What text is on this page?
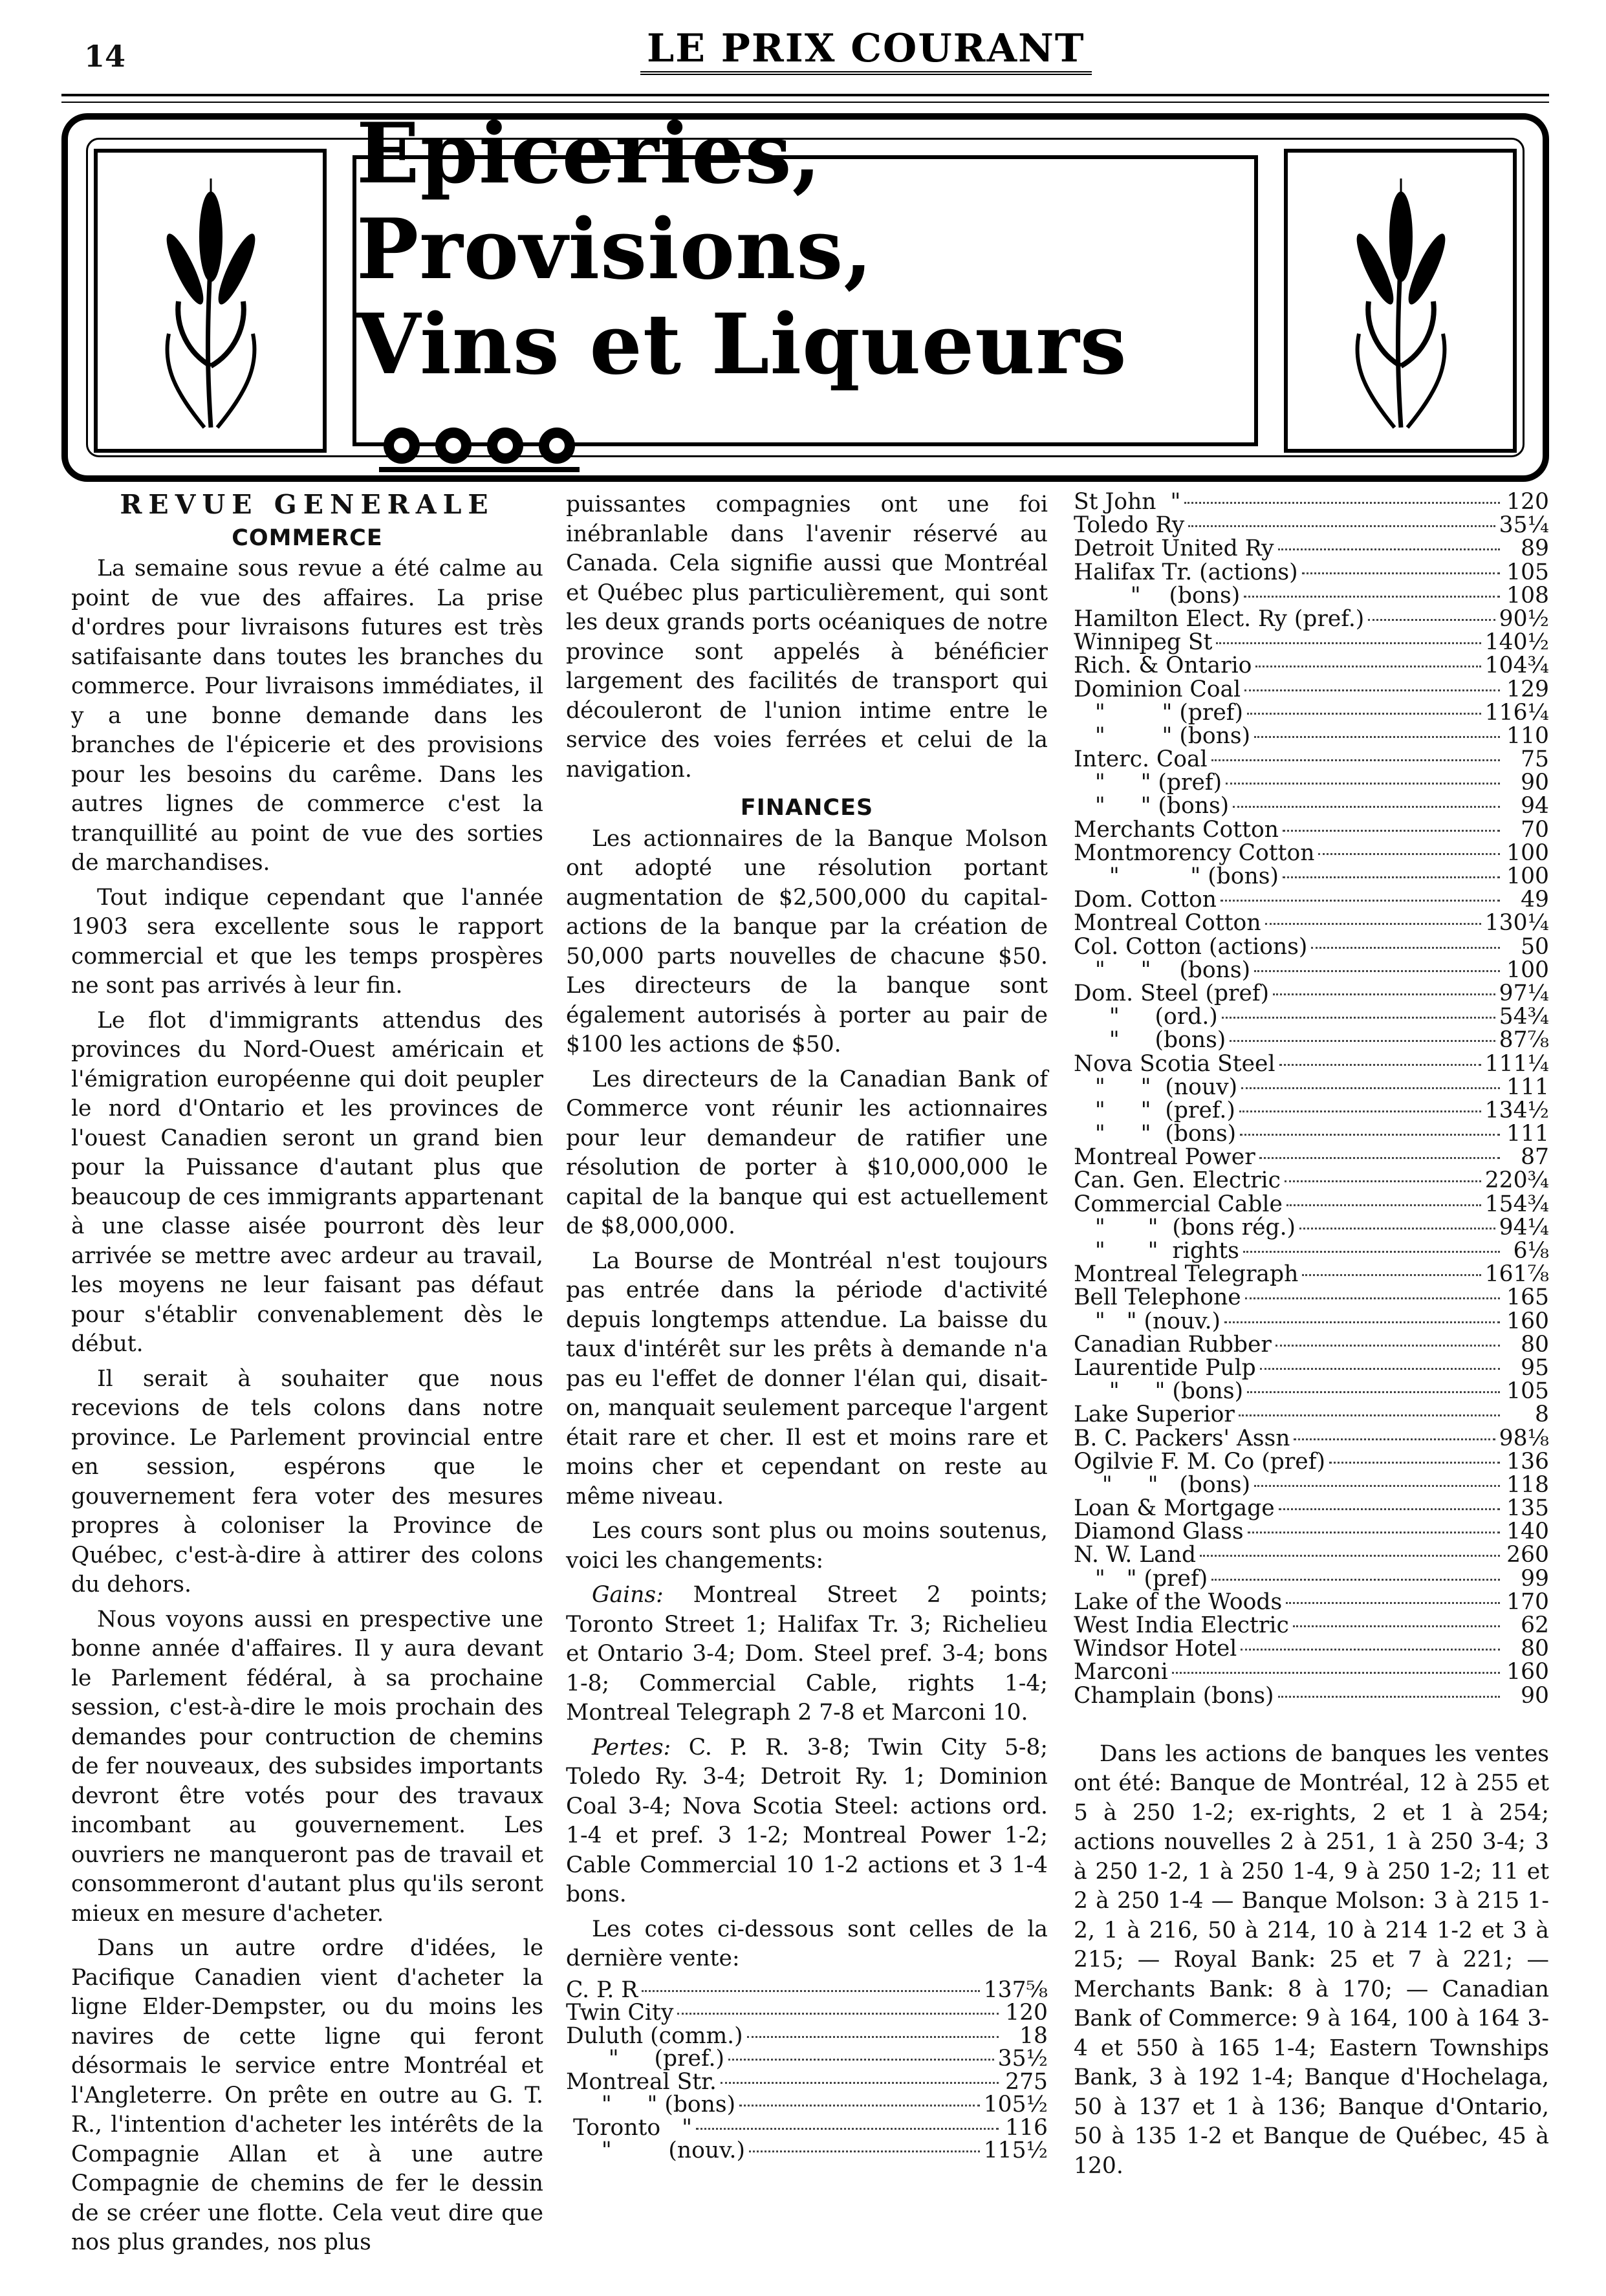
14	LE PRIX COURANT
Epiceries, Provisions,
Vins et Liqueurs
REVUE GENERALE
COMMERCE

La semaine sous revue a été calme au point de vue des affaires. La prise d'ordres pour livraisons futures est très satifaisante dans toutes les branches du commerce. Pour livraisons immédiates, il y a une bonne demande dans les branches de l'épicerie et des provisions pour les besoins du carême. Dans les autres lignes de commerce c'est la tranquillité au point de vue des sorties de marchandises.

Tout indique cependant que l'année 1903 sera excellente sous le rapport commercial et que les temps prospères ne sont pas arrivés à leur fin.

Le flot d'immigrants attendus des provinces du Nord-Ouest américain et l'émigration européenne qui doit peupler le nord d'Ontario et les provinces de l'ouest Canadien seront un grand bien pour la Puissance d'autant plus que beaucoup de ces immigrants appartenant à une classe aisée pourront dès leur arrivée se mettre avec ardeur au travail, les moyens ne leur faisant pas défaut pour s'établir convenablement dès le début.

Il serait à souhaiter que nous recevions de tels colons dans notre province. Le Parlement provincial entre en session, espérons que le gouvernement fera voter des mesures propres à coloniser la Province de Québec, c'est-à-dire à attirer des colons du dehors.

Nous voyons aussi en prespective une bonne année d'affaires. Il y aura devant le Parlement fédéral, à sa prochaine session, c'est-à-dire le mois prochain des demandes pour contruction de chemins de fer nouveaux, des subsides importants devront être votés pour des travaux incombant au gouvernement. Les ouvriers ne manqueront pas de travail et consommeront d'autant plus qu'ils seront mieux en mesure d'acheter.

Dans un autre ordre d'idées, le Pacifique Canadien vient d'acheter la ligne Elder-Dempster, ou du moins les navires de cette ligne qui feront désormais le service entre Montréal et l'Angleterre. On prête en outre au G. T. R., l'intention d'acheter les intérêts de la Compagnie Allan et à une autre Compagnie de chemins de fer le dessin de se créer une flotte. Cela veut dire que nos plus grandes, nos plus

puissantes compagnies ont une foi inébranlable dans l'avenir réservé au Canada. Cela signifie aussi que Montréal et Québec plus particulièrement, qui sont les deux grands ports océaniques de notre province sont appelés à bénéficier largement des facilités de transport qui découleront de l'union intime entre le service des voies ferrées et celui de la navigation.

FINANCES

Les actionnaires de la Banque Molson ont adopté une résolution portant augmentation de $2,500,000 du capital-actions de la banque par la création de 50,000 parts nouvelles de chacune $50. Les directeurs de la banque sont également autorisés à porter au pair de $100 les actions de $50.

Les directeurs de la Canadian Bank of Commerce vont réunir les actionnaires pour leur demandeur de ratifier une résolution de porter à $10,000,000 le capital de la banque qui est actuellement de $8,000,000.

La Bourse de Montréal n'est toujours pas entrée dans la période d'activité depuis longtemps attendue. La baisse du taux d'intérêt sur les prêts à demande n'a pas eu l'effet de donner l'élan qui, disait-on, manquait seulement parceque l'argent était rare et cher. Il est et moins rare et moins cher et cependant on reste au même niveau.

Les cours sont plus ou moins soutenus, voici les changements:

Gains: Montreal Street 2 points; Toronto Street 1; Halifax Tr. 3; Richelieu et Ontario 3-4; Dom. Steel pref. 3-4; bons 1-8; Commercial Cable, rights 1-4; Montreal Telegraph 2 7-8 et Marconi 10.

Pertes: C. P. R. 3-8; Twin City 5-8; Toledo Ry. 3-4; Detroit Ry. 1; Dominion Coal 3-4; Nova Scotia Steel: actions ord. 1-4 et pref. 3 1-2; Montreal Power 1-2; Cable Commercial 10 1-2 actions et 3 1-4 bons.

Les cotes ci-dessous sont celles de la dernière vente:

C. P. R	137⅝
Twin City	120
Duluth (comm.)	18
"     (pref.)	35½
Montreal Str.	275
"     " (bons)	105½
Toronto   "	116
"        (nouv.)	115½
St John  "	120
Toledo Ry	35¼
Detroit United Ry	89
Halifax Tr. (actions)	105
"    (bons)	108
Hamilton Elect. Ry (pref.)	90½
Winnipeg St	140½
Rich. & Ontario	104¾
Dominion Coal	129
"        " (pref)	116¼
"        " (bons)	110
Interc. Coal	75
"     " (pref)	90
"     " (bons)	94
Merchants Cotton	70
Montmorency Cotton	100
"          " (bons)	100
Dom. Cotton	49
Montreal Cotton	130¼
Col. Cotton (actions)	50
"     "    (bons)	100
Dom. Steel (pref)	97¼
"     (ord.)	54¾
"     (bons)	87⅞
Nova Scotia Steel	111¼
"     "  (nouv)	111
"     "  (pref.)	134½
"     "  (bons)	111
Montreal Power	87
Can. Gen. Electric	220¾
Commercial Cable	154¾
"      "  (bons rég.)	94¼
"      "  rights	6⅛
Montreal Telegraph	161⅞
Bell Telephone	165
"   " (nouv.)	160
Canadian Rubber	80
Laurentide Pulp	95
"     " (bons)	105
Lake Superior	8
B. C. Packers' Assn	98⅛
Ogilvie F. M. Co (pref)	136
"     "   (bons)	118
Loan & Mortgage	135
Diamond Glass	140
N. W. Land	260
"   " (pref)	99
Lake of the Woods	170
West India Electric	62
Windsor Hotel	80
Marconi	160
Champlain (bons)	90

Dans les actions de banques les ventes ont été: Banque de Montréal, 12 à 255 et 5 à 250 1-2; ex-rights, 2 et 1 à 254; actions nouvelles 2 à 251, 1 à 250 3-4; 3 à 250 1-2, 1 à 250 1-4, 9 à 250 1-2; 11 et 2 à 250 1-4 — Banque Molson: 3 à 215 1-2, 1 à 216, 50 à 214, 10 à 214 1-2 et 3 à 215; — Royal Bank: 25 et 7 à 221; — Merchants Bank: 8 à 170; — Canadian Bank of Commerce: 9 à 164, 100 à 164 3-4 et 550 à 165 1-4; Eastern Townships Bank, 3 à 192 1-4; Banque d'Hochelaga, 50 à 137 et 1 à 136; Banque d'Ontario, 50 à 135 1-2 et Banque de Québec, 45 à 120.
